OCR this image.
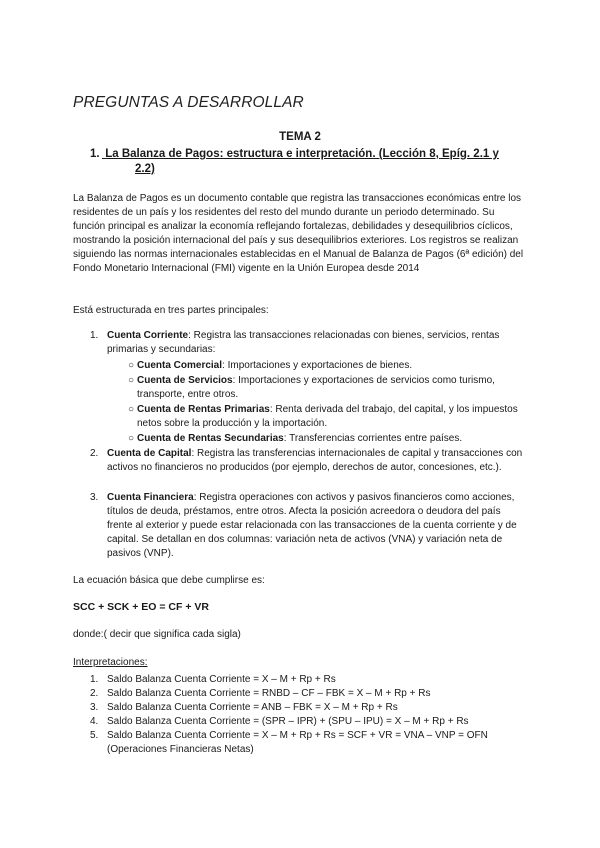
PREGUNTAS A DESARROLLAR
TEMA 2
1. La Balanza de Pagos: estructura e interpretación. (Lección 8, Epíg. 2.1 y
2.2)
La Balanza de Pagos es un documento contable que registra las transacciones económicas entre los residentes de un país y los residentes del resto del mundo durante un periodo determinado. Su función principal es analizar la economía reflejando fortalezas, debilidades y desequilibrios cíclicos, mostrando la posición internacional del país y sus desequilibrios exteriores. Los registros se realizan siguiendo las normas internacionales establecidas en el Manual de Balanza de Pagos (6ª edición) del Fondo Monetario Internacional (FMI) vigente en la Unión Europea desde 2014
Está estructurada en tres partes principales:
1. Cuenta Corriente: Registra las transacciones relacionadas con bienes, servicios, rentas primarias y secundarias:
○ Cuenta Comercial: Importaciones y exportaciones de bienes.
○ Cuenta de Servicios: Importaciones y exportaciones de servicios como turismo, transporte, entre otros.
○ Cuenta de Rentas Primarias: Renta derivada del trabajo, del capital, y los impuestos netos sobre la producción y la importación.
○ Cuenta de Rentas Secundarias: Transferencias corrientes entre países.
2. Cuenta de Capital: Registra las transferencias internacionales de capital y transacciones con activos no financieros no producidos (por ejemplo, derechos de autor, concesiones, etc.).
3. Cuenta Financiera: Registra operaciones con activos y pasivos financieros como acciones, títulos de deuda, préstamos, entre otros. Afecta la posición acreedora o deudora del país frente al exterior y puede estar relacionada con las transacciones de la cuenta corriente y de capital. Se detallan en dos columnas: variación neta de activos (VNA) y variación neta de pasivos (VNP).
La ecuación básica que debe cumplirse es:
SCC + SCK + EO = CF + VR
donde:( decir que significa cada sigla)
Interpretaciones:
1. Saldo Balanza Cuenta Corriente = X – M + Rp + Rs
2. Saldo Balanza Cuenta Corriente = RNBD – CF – FBK = X – M + Rp + Rs
3. Saldo Balanza Cuenta Corriente = ANB – FBK = X – M + Rp + Rs
4. Saldo Balanza Cuenta Corriente = (SPR – IPR) + (SPU – IPU) = X – M + Rp + Rs
5. Saldo Balanza Cuenta Corriente = X – M + Rp + Rs = SCF + VR = VNA – VNP = OFN (Operaciones Financieras Netas)
